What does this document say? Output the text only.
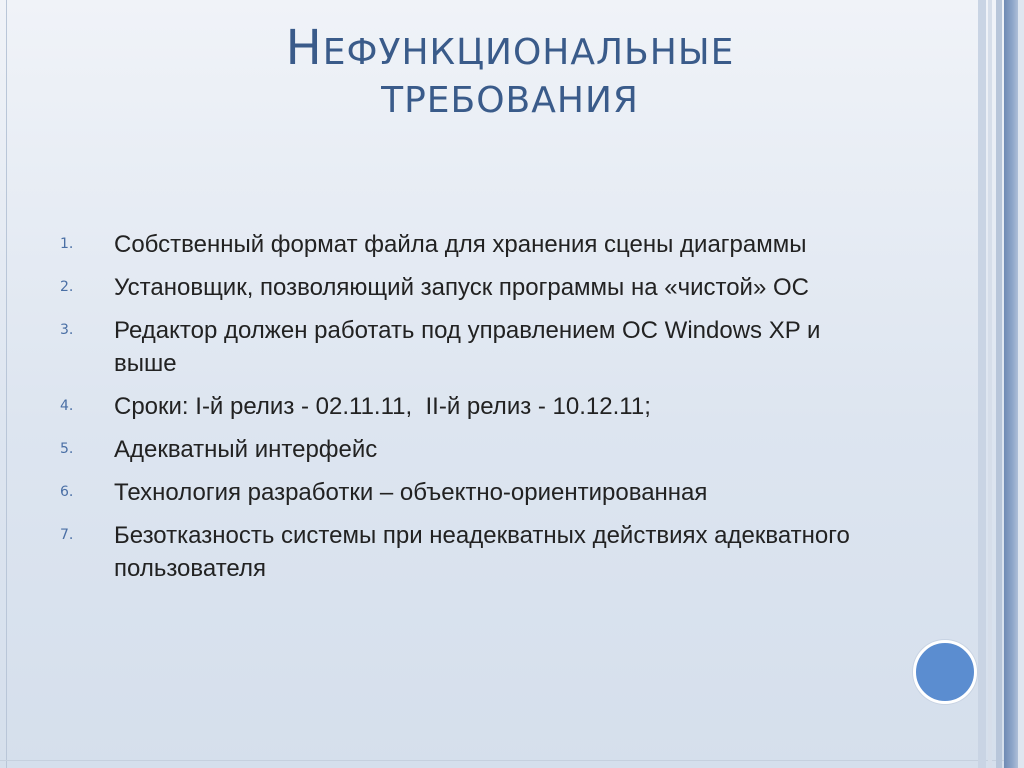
НЕФУНКЦИОНАЛЬНЫЕ
ТРЕБОВАНИЯ
1.	Собственный формат файла для хранения сцены диаграммы
2.	Установщик, позволяющий запуск программы на «чистой» ОС
3.	Редактор должен работать под управлением ОС Windows XP и выше
4.	Сроки: I-й релиз - 02.11.11,  II-й релиз - 10.12.11;
5.	Адекватный интерфейс
6.	Технология разработки – объектно-ориентированная
7.	Безотказность системы при неадекватных действиях адекватного пользователя
